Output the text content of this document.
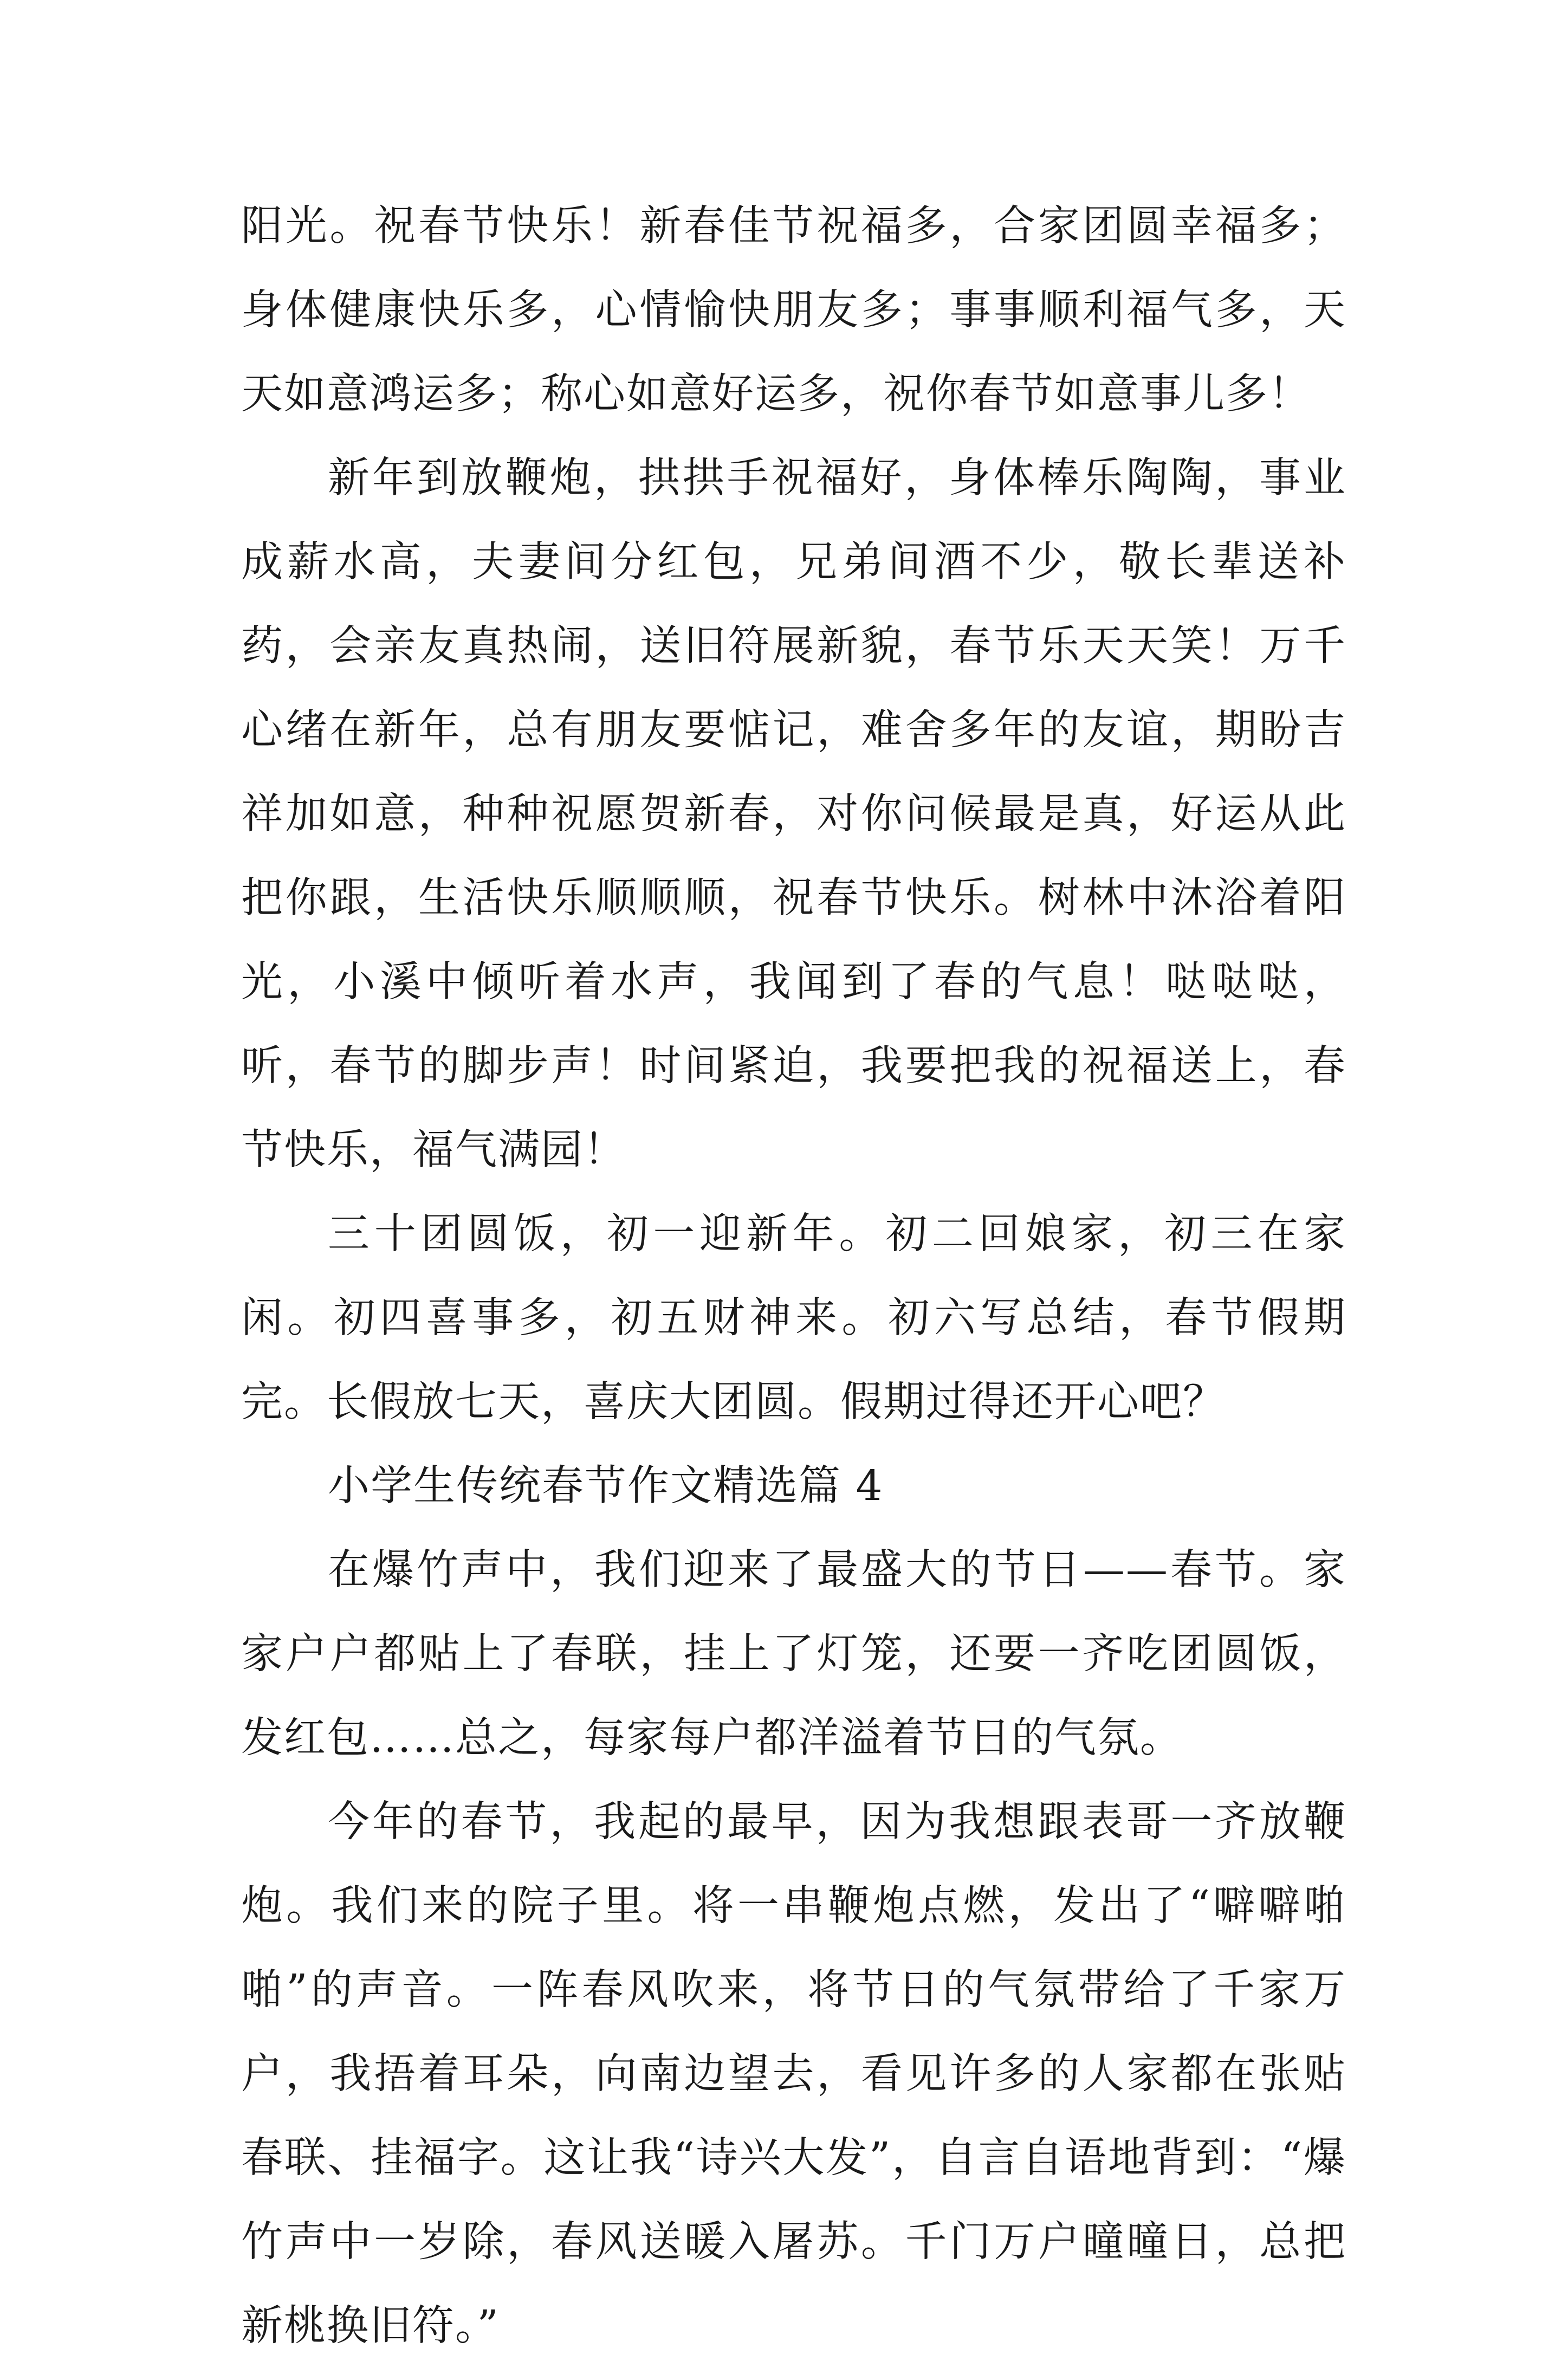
阳光。祝春节快乐！新春佳节祝福多，合家团圆幸福多；身体健康快乐多，心情愉快朋友多；事事顺利福气多，天天如意鸿运多；称心如意好运多，祝你春节如意事儿多！

新年到放鞭炮，拱拱手祝福好，身体棒乐陶陶，事业成薪水高，夫妻间分红包，兄弟间酒不少，敬长辈送补药，会亲友真热闹，送旧符展新貌，春节乐天天笑！万千心绪在新年，总有朋友要惦记，难舍多年的友谊，期盼吉祥加如意，种种祝愿贺新春，对你问候最是真，好运从此把你跟，生活快乐顺顺顺，祝春节快乐。树林中沐浴着阳光，小溪中倾听着水声，我闻到了春的气息！哒哒哒，听，春节的脚步声！时间紧迫，我要把我的祝福送上，春节快乐，福气满园！

三十团圆饭，初一迎新年。初二回娘家，初三在家闲。初四喜事多，初五财神来。初六写总结，春节假期完。长假放七天，喜庆大团圆。假期过得还开心吧？

小学生传统春节作文精选篇 4

在爆竹声中，我们迎来了最盛大的节日——春节。家家户户都贴上了春联，挂上了灯笼，还要一齐吃团圆饭，发红包……总之，每家每户都洋溢着节日的气氛。

今年的春节，我起的最早，因为我想跟表哥一齐放鞭炮。我们来的院子里。将一串鞭炮点燃，发出了“噼噼啪啪”的声音。一阵春风吹来，将节日的气氛带给了千家万户，我捂着耳朵，向南边望去，看见许多的人家都在张贴春联、挂福字。这让我“诗兴大发”，自言自语地背到：“爆竹声中一岁除，春风送暖入屠苏。千门万户曈曈日，总把新桃换旧符。”
